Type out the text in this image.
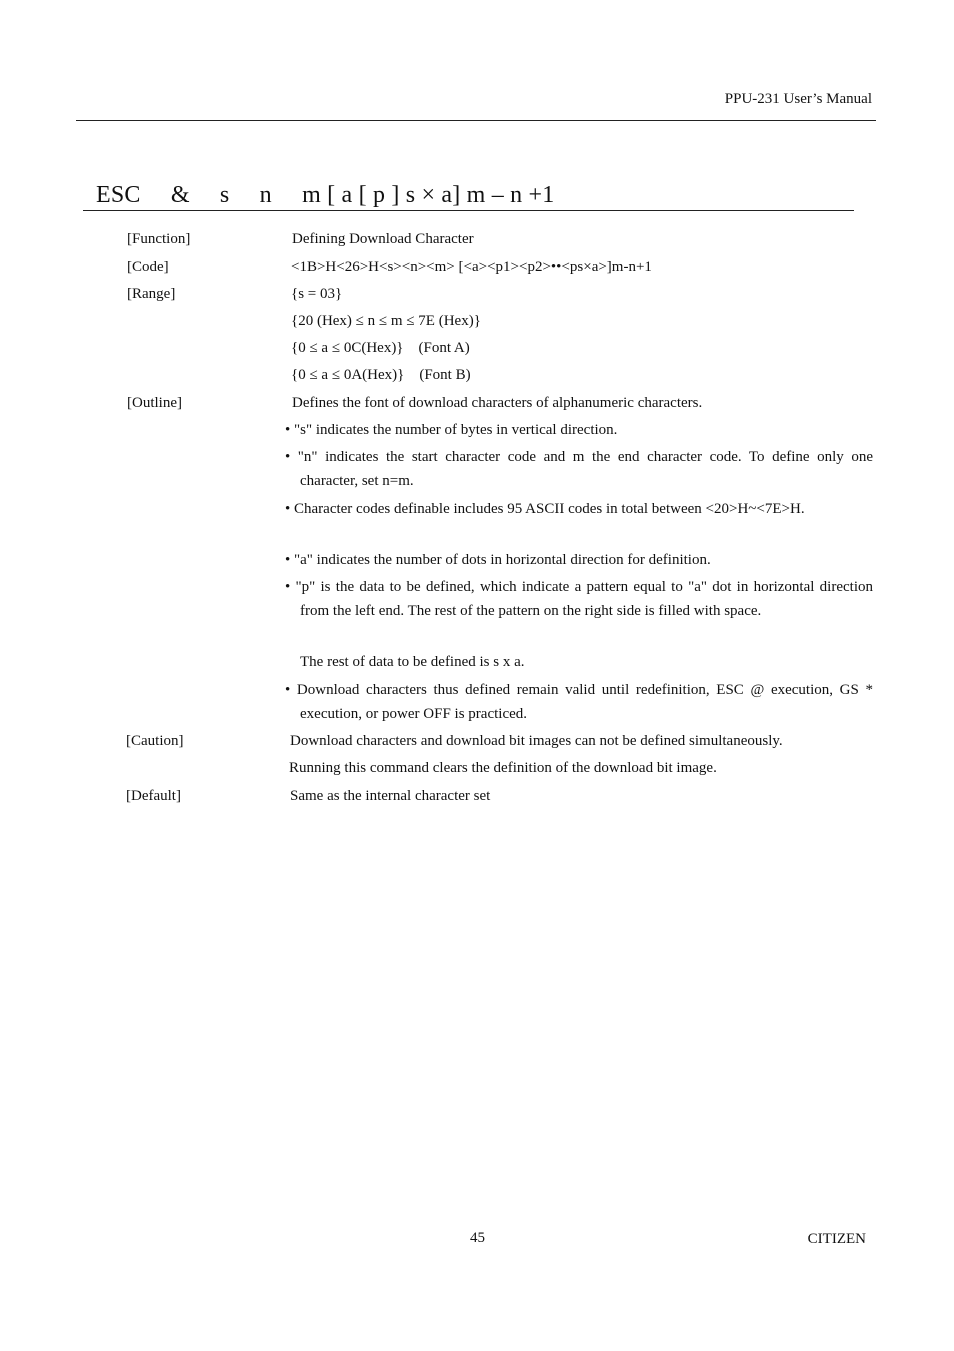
PPU-231 User’s Manual
ESC & s n m [ a [ p ] s × a] m – n +1
[Function]	Defining Download Character
[Code]	<1B>H<26>H<s><n><m> [<a><p1><p2>••<ps×a>]m-n+1
[Range]	{s = 03}
{20 (Hex) ≤ n ≤ m ≤ 7E (Hex)}
{0 ≤ a ≤ 0C(Hex)}    (Font A)
{0 ≤ a ≤ 0A(Hex)}    (Font B)
[Outline]	Defines the font of download characters of alphanumeric characters.
• "s" indicates the number of bytes in vertical direction.
• "n" indicates the start character code and m the end character code. To define only one character, set n=m.
• Character codes definable includes 95 ASCII codes in total between <20>H~<7E>H.
• "a" indicates the number of dots in horizontal direction for definition.
• "p" is the data to be defined, which indicate a pattern equal to "a" dot in horizontal direction from the left end. The rest of the pattern on the right side is filled with space.
The rest of data to be defined is s x a.
• Download characters thus defined remain valid until redefinition, ESC @ execution, GS * execution, or power OFF is practiced.
[Caution]	Download characters and download bit images can not be defined simultaneously.
Running this command clears the definition of the download bit image.
[Default]	Same as the internal character set
45	CITIZEN
